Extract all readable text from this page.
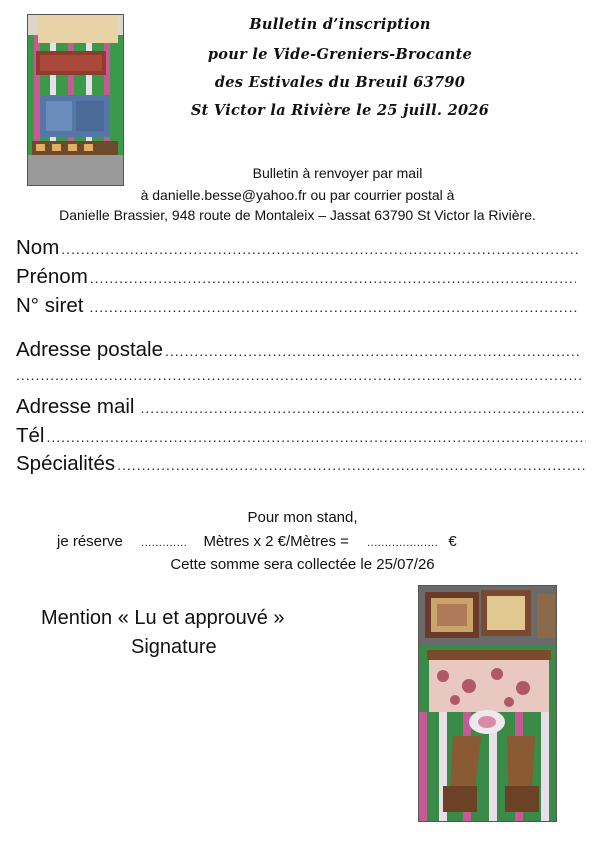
Bulletin d’inscription
pour le Vide-Greniers-Brocante
des Estivales du Breuil 63790
St Victor la Rivière le 25 juill. 2026
Bulletin à renvoyer par mail
à danielle.besse@yahoo.fr ou par courrier postal à
Danielle Brassier, 948 route de Montaleix – Jassat 63790 St Victor la Rivière.
Nom
.....
Prénom
.....
N° siret
.....
Adresse postale
.....
.....
Adresse mail
.....
Tél
.....
Spécialités
.....
Pour mon stand,
je réserve ............. Mètres x 2 €/Mètres = .................... €
Cette somme sera collectée le 25/07/26
Mention « Lu et approuvé »
Signature
